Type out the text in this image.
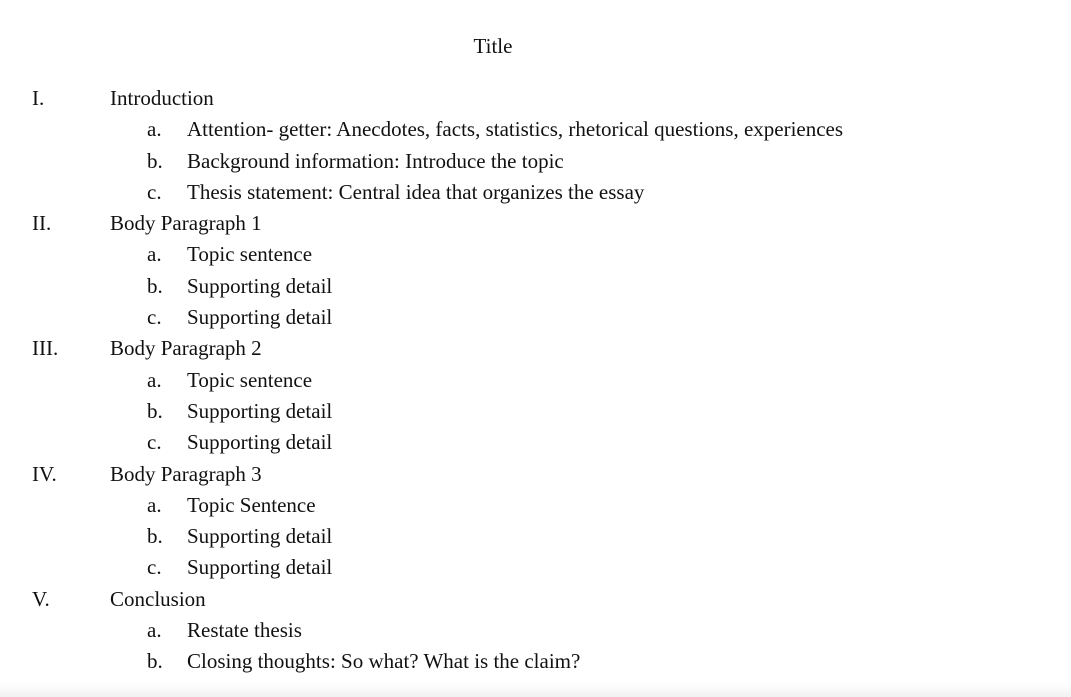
Title
I.	Introduction
a. Attention- getter: Anecdotes, facts, statistics, rhetorical questions, experiences
b. Background information: Introduce the topic
c. Thesis statement: Central idea that organizes the essay
II.	Body Paragraph 1
a. Topic sentence
b. Supporting detail
c. Supporting detail
III. Body Paragraph 2
a. Topic sentence
b. Supporting detail
c. Supporting detail
IV.	Body Paragraph 3
a. Topic Sentence
b. Supporting detail
c. Supporting detail
V.	Conclusion
a. Restate thesis
b. Closing thoughts: So what? What is the claim?
